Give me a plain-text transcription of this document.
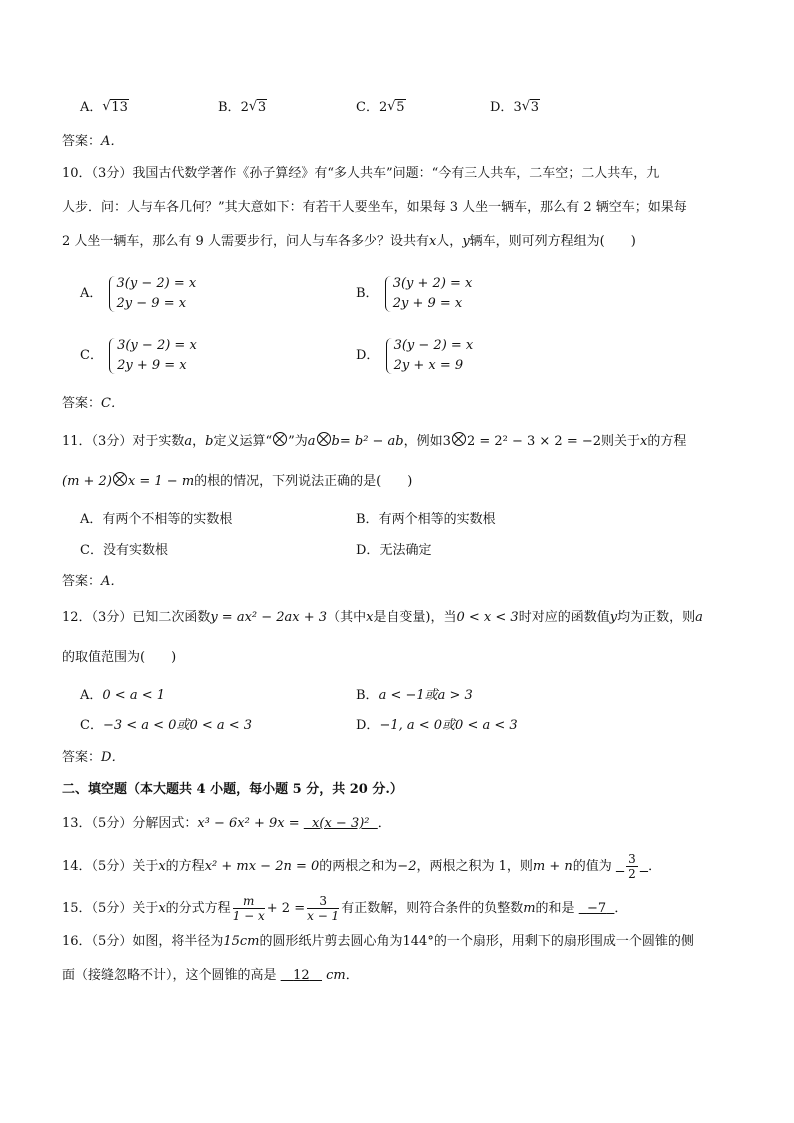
A． √ 13	B．2 √ 3	C．2 √ 5	D．3 √ 3
答案：A．
10．（3分）我国古代数学著作《孙子算经》有“多人共车”问题：“今有三人共车，二车空；二人共车，九
人步．问：人与车各几何？”其大意如下：有若干人要坐车，如果每 3 人坐一辆车，那么有 2 辆空车；如果每
2 人坐一辆车，那么有 9 人需要步行，问人与车各多少？设共有x人，y辆车，则可列方程组为(　　)
A．
3(y − 2) = x
2y − 9 = x
B．
3(y + 2) = x
2y + 9 = x
C．
3(y − 2) = x
2y + 9 = x
D．
3(y − 2) = x
2y + x = 9
答案：C．
11．（3分）对于实数a，b定义运算“ ”为a b= b² − ab，例如3 2 = 2² − 3 × 2 = −2则关于x的方程
(m + 2) x = 1 − m的根的情况，下列说法正确的是(　　)
A．有两个不相等的实数根	B．有两个相等的实数根
C．没有实数根	D．无法确定
答案：A．
12．（3分）已知二次函数y = ax² − 2ax + 3（其中x是自变量)，当0 < x < 3时对应的函数值y均为正数，则a
的取值范围为(　　)
A．0 < a < 1	B．a < −1或a > 3
C．−3 < a < 0或0 < a < 3	D．−1, a < 0或0 < a < 3
答案：D．
二、填空题（本大题共 4 小题，每小题 5 分，共 20 分.）
13．（5分）分解因式：x³ − 6x² + 9x = x(x − 3)² ．
14．（5分）关于x的方程x² + mx − 2n = 0的两根之和为−2，两根之积为 1，则m + n的值为 $\frac{3}{2}$ ．
15．（5分）关于x的分式方程 $\frac{m}{1 - x} + 2 = \frac{3}{x - 1}$ 有正数解，则符合条件的负整数m的和是 −7 ．
16．（5分）如图，将半径为15cm的圆形纸片剪去圆心角为144°的一个扇形，用剩下的扇形围成一个圆锥的侧
面（接缝忽略不计），这个圆锥的高是 12 cm．
